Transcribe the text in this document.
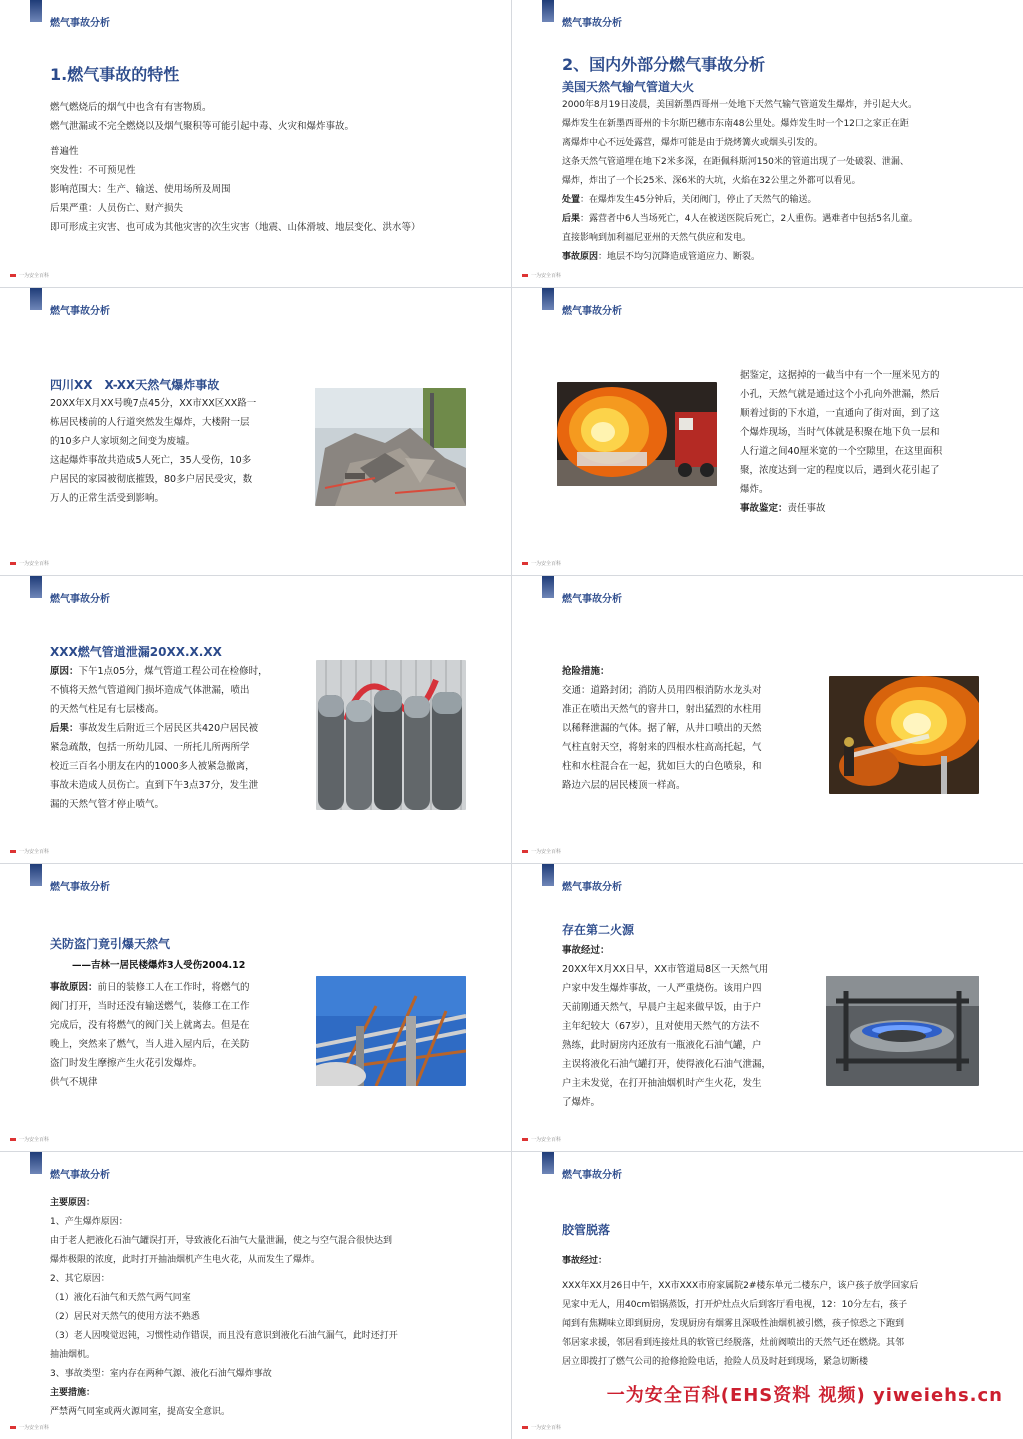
燃气事故分析
1.燃气事故的特性

燃气燃烧后的烟气中也含有有害物质。

燃气泄漏或不完全燃烧以及烟气聚积等可能引起中毒、火灾和爆炸事故。

普遍性

突发性：不可预见性

影响范围大：生产、输送、使用场所及周围

后果严重：人员伤亡、财产损失

即可形成主灾害、也可成为其他灾害的次生灾害（地震、山体滑坡、地层变化、洪水等）

一为安全百科
燃气事故分析
2、国内外部分燃气事故分析
美国天然气输气管道大火

2000年8月19日凌晨，美国新墨西哥州一处地下天然气输气管道发生爆炸，并引起大火。

爆炸发生在新墨西哥州的卡尔斯巴穗市东南48公里处。爆炸发生时一个12口之家正在距

离爆炸中心不远处露营，爆炸可能是由于烧烤篝火或烟头引发的。

这条天然气管道埋在地下2米多深，在距佩科斯河150米的管道出现了一处破裂、泄漏、

爆炸，炸出了一个长25米、深6米的大坑，火焰在32公里之外都可以看见。

处置：在爆炸发生45分钟后，关闭阀门，停止了天然气的输送。

后果：露营者中6人当场死亡，4人在被送医院后死亡，2人重伤。遇难者中包括5名儿童。

直接影响到加利福尼亚州的天然气供应和发电。

事故原因：地层不均匀沉降造成管道应力、断裂。

一为安全百科
燃气事故分析
四川XX　X-XX天然气爆炸事故

20XX年X月XX号晚7点45分，XX市XX区XX路一

栋居民楼前的人行道突然发生爆炸，大楼附一层

的10多户人家顷刻之间变为废墟。

这起爆炸事故共造成5人死亡，35人受伤，10多

户居民的家园被彻底摧毁，80多户居民受灾，数

万人的正常生活受到影响。

一为安全百科
燃气事故分析

据鉴定，这据掉的一截当中有一个一厘米见方的

小孔，天然气就是通过这个小孔向外泄漏，然后

顺着过街的下水道，一直通向了街对面，到了这

个爆炸现场，当时气体就是积聚在地下负一层和

人行道之间40厘米宽的一个空隙里，在这里面积

聚，浓度达到一定的程度以后，遇到火花引起了

爆炸。

事故鉴定：责任事故

一为安全百科
燃气事故分析
XXX燃气管道泄漏20XX.X.XX

原因：下午1点05分，煤气管道工程公司在检修时，

不慎将天然气管道阀门损坏造成气体泄漏，喷出

的天然气柱足有七层楼高。

后果：事故发生后附近三个居民区共420户居民被

紧急疏散，包括一所幼儿园、一所托儿所两所学

校近三百名小朋友在内的1000多人被紧急撤离，

事故未造成人员伤亡。直到下午3点37分，发生泄

漏的天然气管才停止喷气。

一为安全百科
燃气事故分析

抢险措施：

交通：道路封闭；消防人员用四根消防水龙头对

准正在喷出天然气的窨井口，射出猛烈的水柱用

以稀释泄漏的气体。据了解，从井口喷出的天然

气柱直射天空，将射来的四根水柱高高托起，气

柱和水柱混合在一起，犹如巨大的白色喷泉，和

路边六层的居民楼顶一样高。

一为安全百科
燃气事故分析
关防盗门竟引爆天然气
——吉林一居民楼爆炸3人受伤2004.12

事故原因：前日的装修工人在工作时，将燃气的

阀门打开，当时还没有输送燃气，装修工在工作

完成后，没有将燃气的阀门关上就离去。但是在

晚上，突然来了燃气，当人进入屋内后，在关防

盗门时发生摩擦产生火花引发爆炸。

供气不规律

一为安全百科
燃气事故分析
存在第二火源

事故经过：

20XX年X月XX日早，XX市管道局8区一天然气用

户家中发生爆炸事故，一人严重烧伤。该用户四

天前刚通天然气，早晨户主起来做早饭，由于户

主年纪较大（67岁），且对使用天然气的方法不

熟练，此时厨房内还放有一瓶液化石油气罐，户

主误将液化石油气罐打开，使得液化石油气泄漏，

户主未发觉，在打开抽油烟机时产生火花，发生

了爆炸。

一为安全百科
燃气事故分析

主要原因：

1、产生爆炸原因：

由于老人把液化石油气罐误打开，导致液化石油气大量泄漏，使之与空气混合很快达到

爆炸极限的浓度，此时打开抽油烟机产生电火花，从而发生了爆炸。

2、其它原因：

（1）液化石油气和天然气两气同室

（2）居民对天然气的使用方法不熟悉

（3）老人因嗅觉迟钝，习惯性动作错误，而且没有意识到液化石油气漏气，此时还打开

抽油烟机。

3、事故类型：室内存在两种气源、液化石油气爆炸事故

主要措施：

严禁两气同室或两火源同室，提高安全意识。

一为安全百科
燃气事故分析
胶管脱落

事故经过：

XXX年XX月26日中午，XX市XXX市府家属院2#楼东单元二楼东户，该户孩子放学回家后

见家中无人，用40cm铝锅蒸饭，打开炉灶点火后到客厅看电视，12：10分左右，孩子

闻到有焦糊味立即到厨房，发现厨房有烟雾且深吸性油烟机被引燃，孩子惊恐之下跑到

邻居家求援，邻居看到连接灶具的软管已经脱落，灶前阀喷出的天然气还在燃烧。其邻

居立即拨打了燃气公司的抢修抢险电话，抢险人员及时赶到现场，紧急切断楼

一为安全百科
一为安全百科(EHS资料 视频) yiweiehs.cn
